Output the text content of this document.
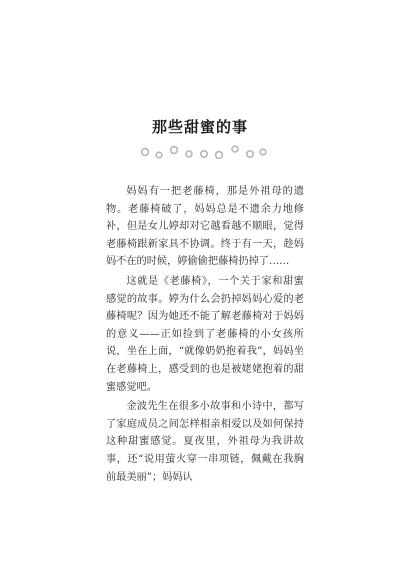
那些甜蜜的事

妈妈有一把老藤椅，那是外祖母的遗物。老藤椅破了，妈妈总是不遗余力地修补，但是女儿婷却对它越看越不顺眼，觉得老藤椅跟新家具不协调。终于有一天，趁妈妈不在的时候，婷偷偷把藤椅扔掉了……

这就是《老藤椅》，一个关于家和甜蜜感觉的故事。婷为什么会扔掉妈妈心爱的老藤椅呢？因为她还不能了解老藤椅对于妈妈的意义——正如捡到了老藤椅的小女孩所说，坐在上面，“就像奶奶抱着我”，妈妈坐在老藤椅上，感受到的也是被姥姥抱着的甜蜜感觉吧。

金波先生在很多小故事和小诗中，都写了家庭成员之间怎样相亲相爱以及如何保持这种甜蜜感觉。夏夜里，外祖母为我讲故事，还“说用萤火穿一串项链，佩戴在我胸前最美丽”；妈妈认
